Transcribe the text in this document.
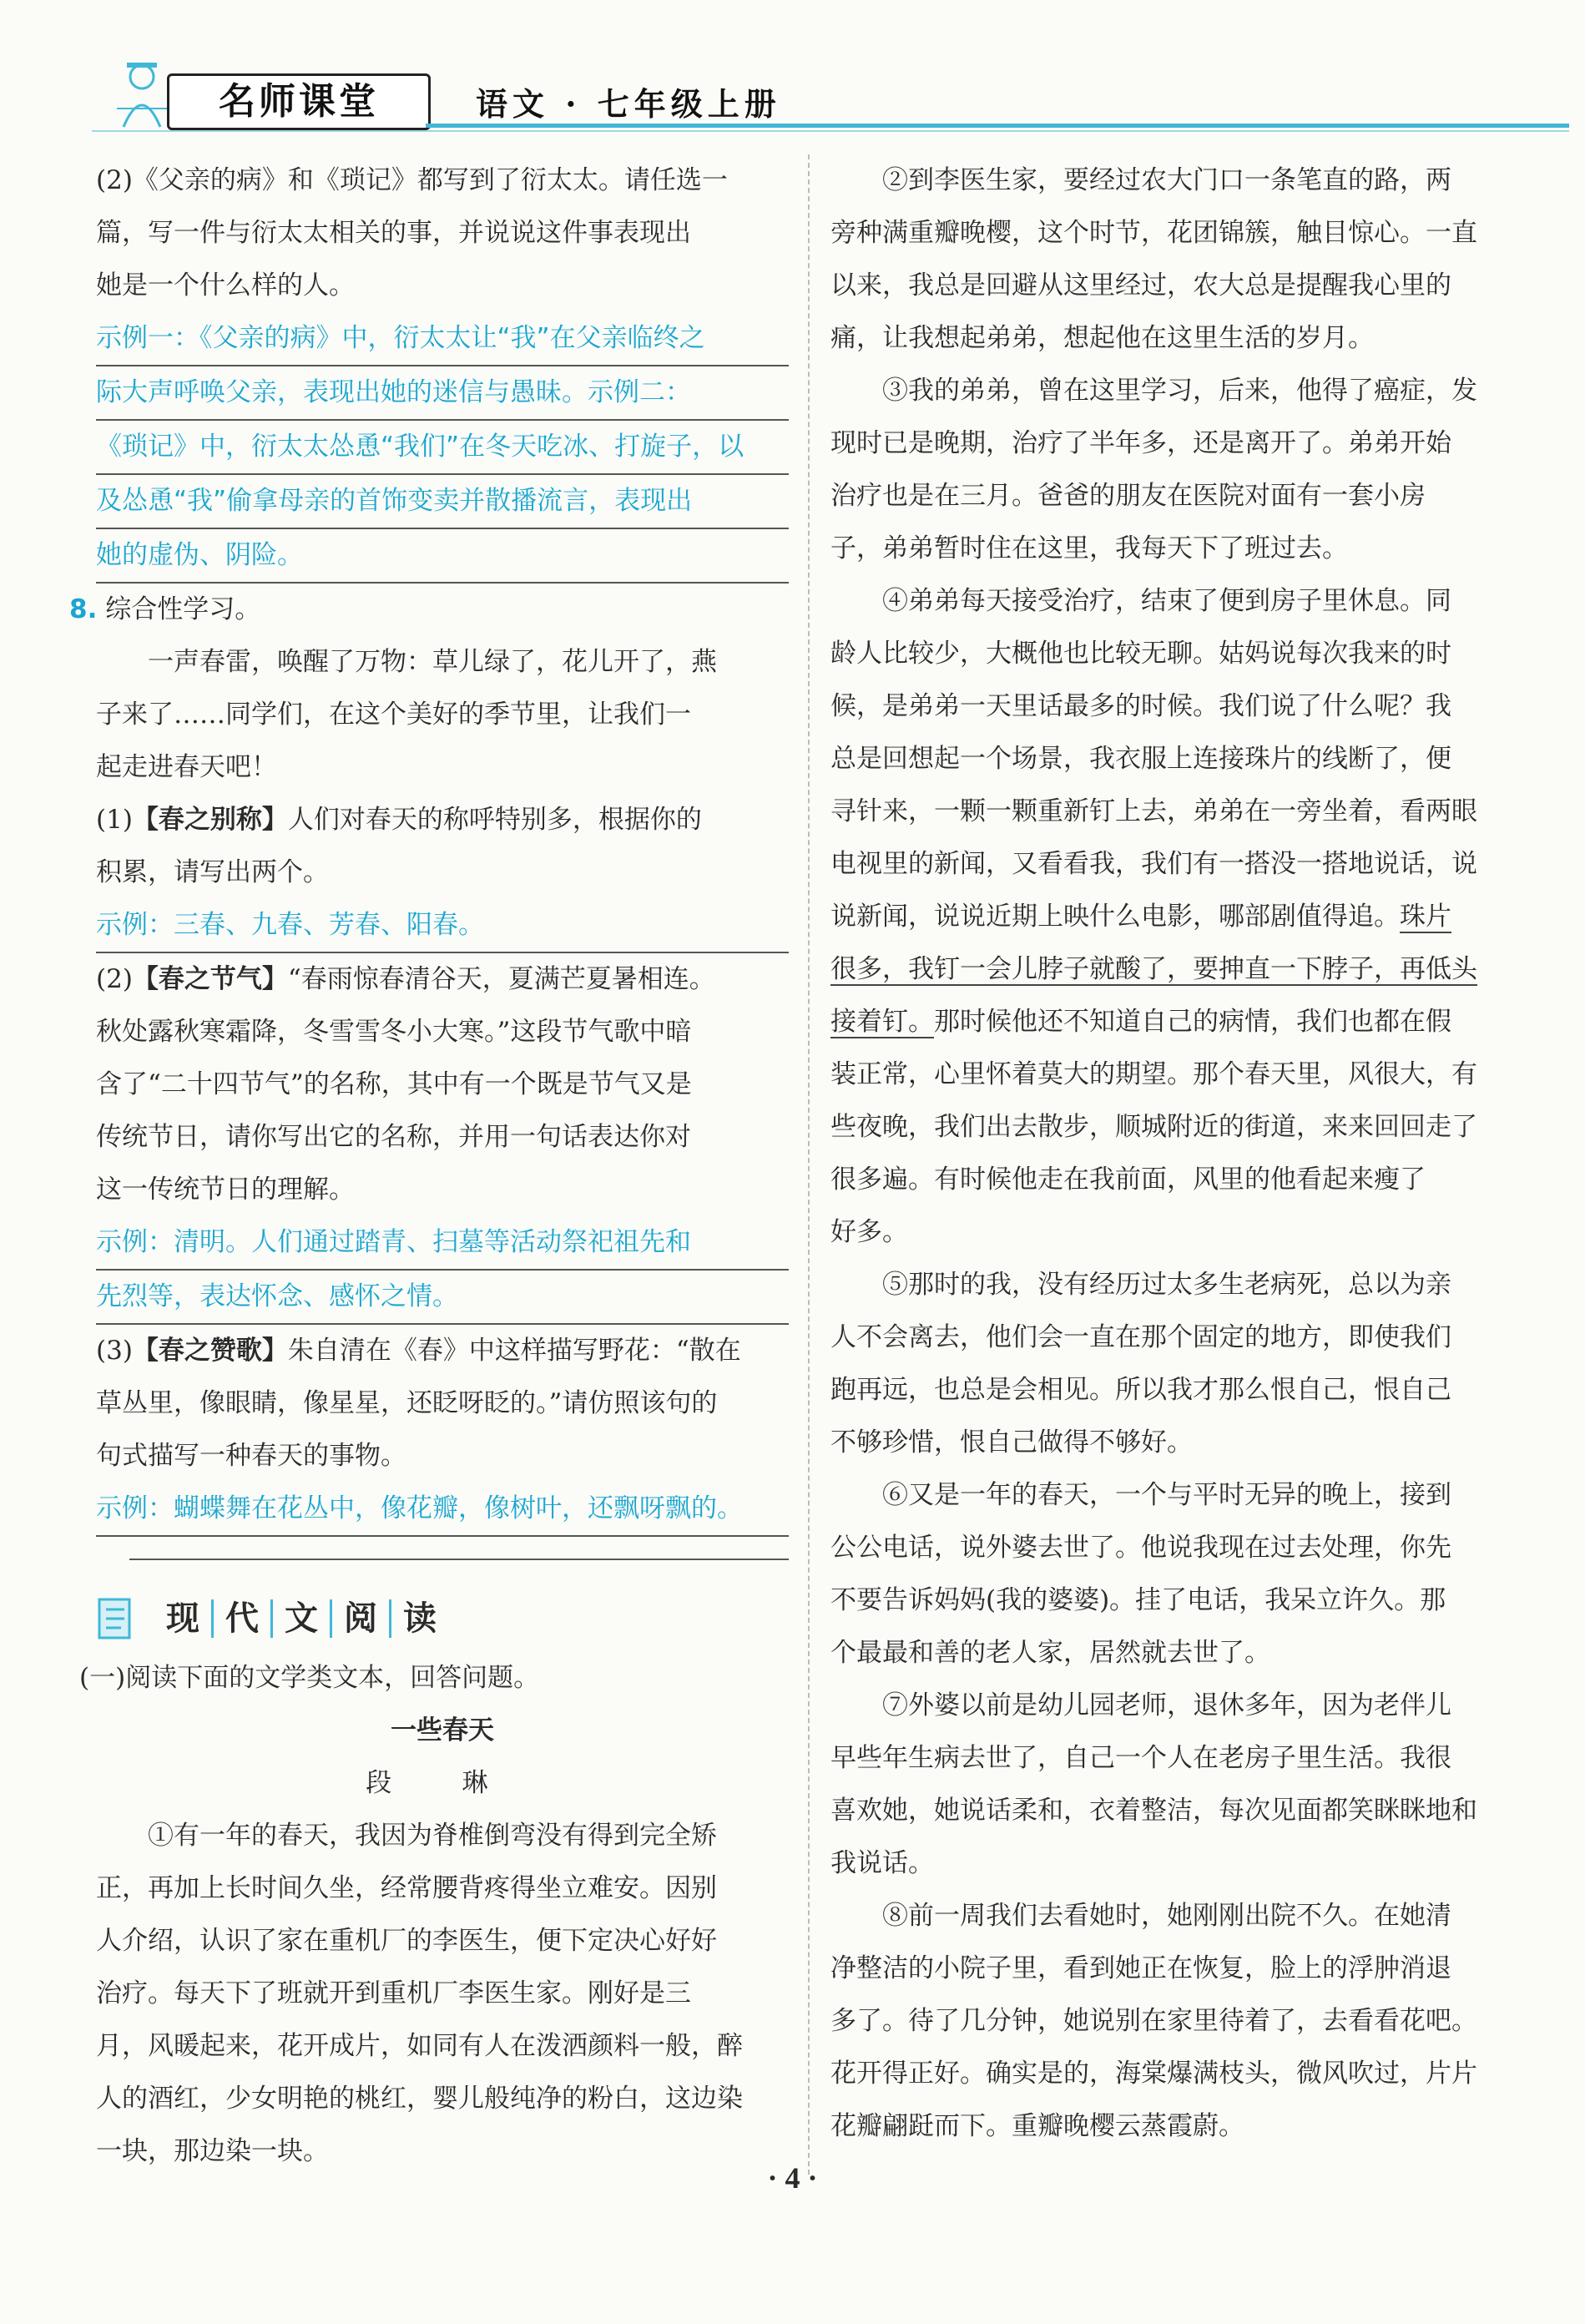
名师课堂	语文 · 七年级上册

(2)《父亲的病》和《琐记》都写到了衍太太。请任选一

篇，写一件与衍太太相关的事，并说说这件事表现出

她是一个什么样的人。

示例一：《父亲的病》中，衍太太让“我”在父亲临终之
际大声呼唤父亲，表现出她的迷信与愚昧。示例二：
《琐记》中，衍太太怂恿“我们”在冬天吃冰、打旋子，以
及怂恿“我”偷拿母亲的首饰变卖并散播流言，表现出
她的虚伪、阴险。

8. 综合性学习。

一声春雷，唤醒了万物：草儿绿了，花儿开了，燕

子来了……同学们，在这个美好的季节里，让我们一

起走进春天吧！

(1)【春之别称】人们对春天的称呼特别多，根据你的

积累，请写出两个。

示例：三春、九春、芳春、阳春。

(2)【春之节气】“春雨惊春清谷天，夏满芒夏暑相连。

秋处露秋寒霜降，冬雪雪冬小大寒。”这段节气歌中暗

含了“二十四节气”的名称，其中有一个既是节气又是

传统节日，请你写出它的名称，并用一句话表达你对

这一传统节日的理解。

示例：清明。人们通过踏青、扫墓等活动祭祀祖先和
先烈等，表达怀念、感怀之情。

(3)【春之赞歌】朱自清在《春》中这样描写野花：“散在

草丛里，像眼睛，像星星，还眨呀眨的。”请仿照该句的

句式描写一种春天的事物。

示例：蝴蝶舞在花丛中，像花瓣，像树叶，还飘呀飘的。
现 代 文 阅 读

(一)阅读下面的文学类文本，回答问题。

一些春天

段 琳

①有一年的春天，我因为脊椎倒弯没有得到完全矫

正，再加上长时间久坐，经常腰背疼得坐立难安。因别

人介绍，认识了家在重机厂的李医生，便下定决心好好

治疗。每天下了班就开到重机厂李医生家。刚好是三

月，风暖起来，花开成片，如同有人在泼洒颜料一般，醉

人的酒红，少女明艳的桃红，婴儿般纯净的粉白，这边染

一块，那边染一块。

②到李医生家，要经过农大门口一条笔直的路，两

旁种满重瓣晚樱，这个时节，花团锦簇，触目惊心。一直

以来，我总是回避从这里经过，农大总是提醒我心里的

痛，让我想起弟弟，想起他在这里生活的岁月。

③我的弟弟，曾在这里学习，后来，他得了癌症，发

现时已是晚期，治疗了半年多，还是离开了。弟弟开始

治疗也是在三月。爸爸的朋友在医院对面有一套小房

子，弟弟暂时住在这里，我每天下了班过去。

④弟弟每天接受治疗，结束了便到房子里休息。同

龄人比较少，大概他也比较无聊。姑妈说每次我来的时

候，是弟弟一天里话最多的时候。我们说了什么呢？我

总是回想起一个场景，我衣服上连接珠片的线断了，便

寻针来，一颗一颗重新钉上去，弟弟在一旁坐着，看两眼

电视里的新闻，又看看我，我们有一搭没一搭地说话，说

说新闻，说说近期上映什么电影，哪部剧值得追。珠片

很多，我钉一会儿脖子就酸了，要抻直一下脖子，再低头

接着钉。那时候他还不知道自己的病情，我们也都在假

装正常，心里怀着莫大的期望。那个春天里，风很大，有

些夜晚，我们出去散步，顺城附近的街道，来来回回走了

很多遍。有时候他走在我前面，风里的他看起来瘦了

好多。

⑤那时的我，没有经历过太多生老病死，总以为亲

人不会离去，他们会一直在那个固定的地方，即使我们

跑再远，也总是会相见。所以我才那么恨自己，恨自己

不够珍惜，恨自己做得不够好。

⑥又是一年的春天，一个与平时无异的晚上，接到

公公电话，说外婆去世了。他说我现在过去处理，你先

不要告诉妈妈(我的婆婆)。挂了电话，我呆立许久。那

个最最和善的老人家，居然就去世了。

⑦外婆以前是幼儿园老师，退休多年，因为老伴儿

早些年生病去世了，自己一个人在老房子里生活。我很

喜欢她，她说话柔和，衣着整洁，每次见面都笑眯眯地和

我说话。

⑧前一周我们去看她时，她刚刚出院不久。在她清

净整洁的小院子里，看到她正在恢复，脸上的浮肿消退

多了。待了几分钟，她说别在家里待着了，去看看花吧。

花开得正好。确实是的，海棠爆满枝头，微风吹过，片片

花瓣翩跹而下。重瓣晚樱云蒸霞蔚。

· 4 ·
